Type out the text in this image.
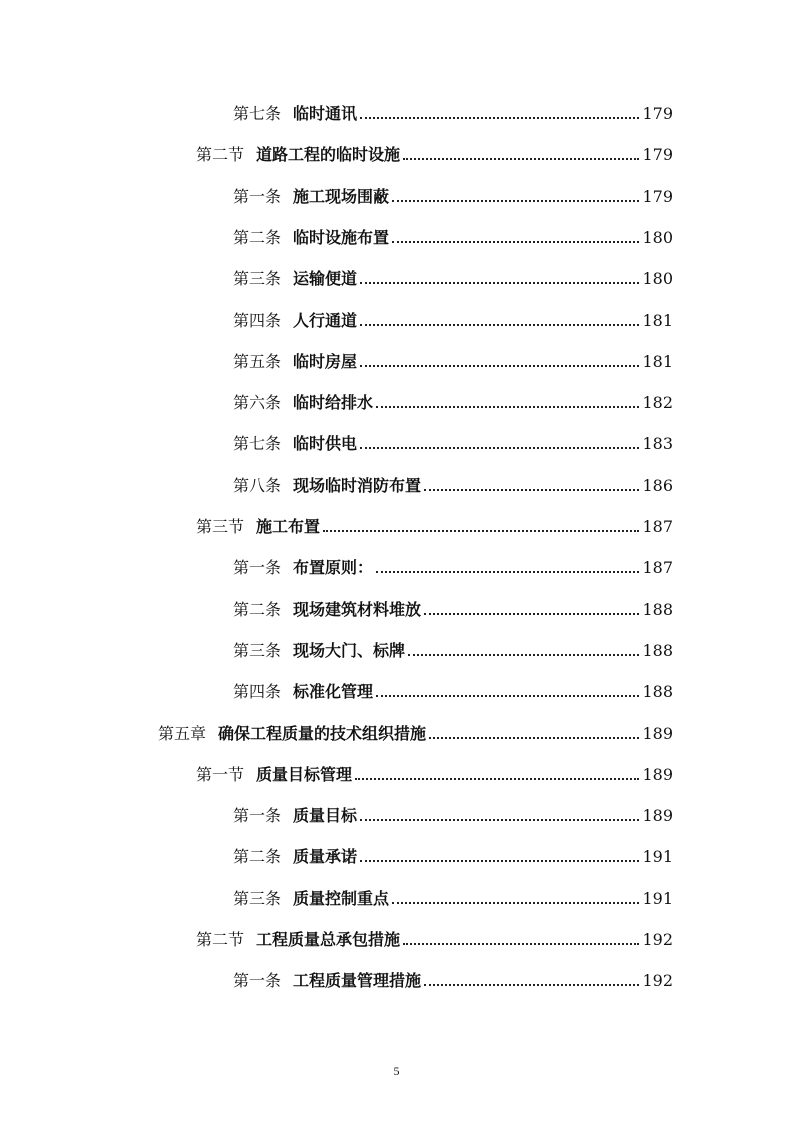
第七条 临时通讯	179
第二节 道路工程的临时设施	179
第一条 施工现场围蔽	179
第二条 临时设施布置	180
第三条 运输便道	180
第四条 人行通道	181
第五条 临时房屋	181
第六条 临时给排水	182
第七条 临时供电	183
第八条 现场临时消防布置	186
第三节 施工布置	187
第一条 布置原则：	187
第二条 现场建筑材料堆放	188
第三条 现场大门、标牌	188
第四条 标准化管理	188
第五章 确保工程质量的技术组织措施	189
第一节 质量目标管理	189
第一条 质量目标	189
第二条 质量承诺	191
第三条 质量控制重点	191
第二节 工程质量总承包措施	192
第一条 工程质量管理措施	192
5
